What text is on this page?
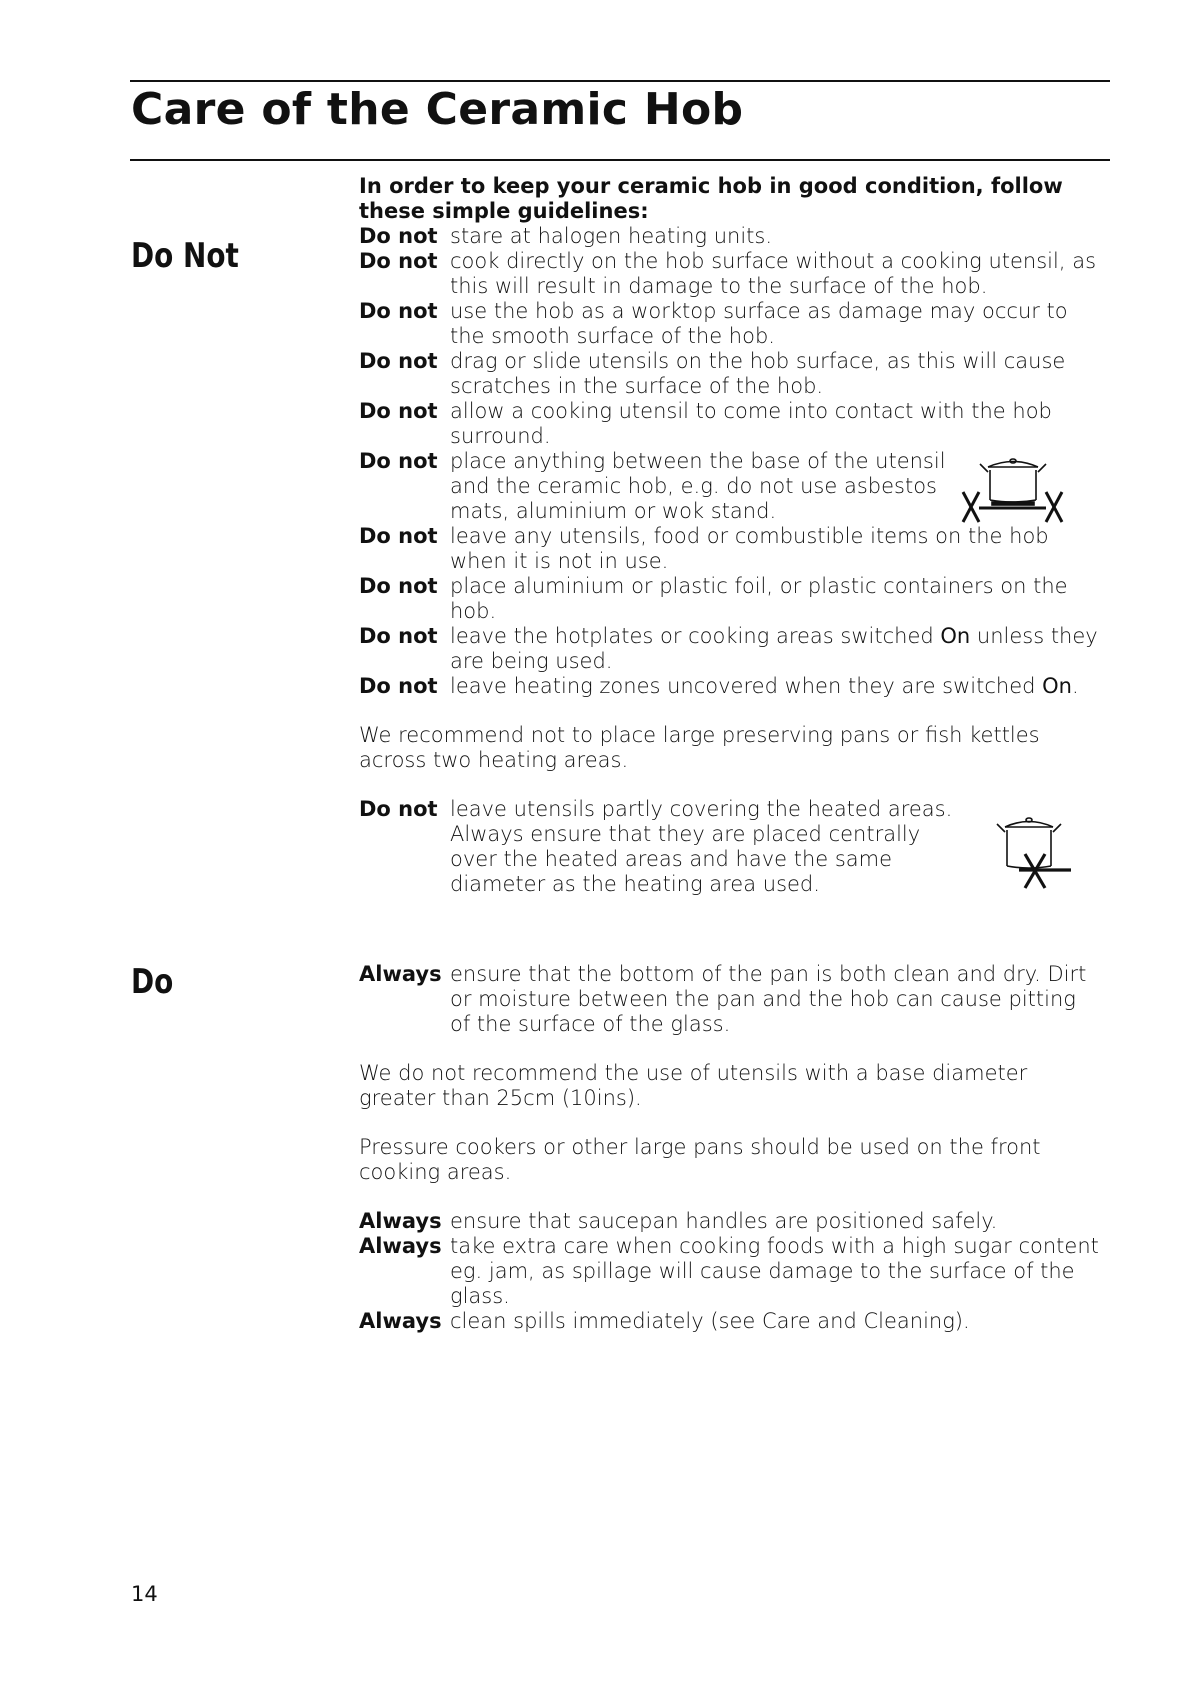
Care of the Ceramic Hob
Do Not
Do
In order to keep your ceramic hob in good condition, follow these simple guidelines:
Do not stare at halogen heating units.
Do not cook directly on the hob surface without a cooking utensil, as this will result in damage to the surface of the hob.
Do not use the hob as a worktop surface as damage may occur to the smooth surface of the hob.
Do not drag or slide utensils on the hob surface, as this will cause scratches in the surface of the hob.
Do not allow a cooking utensil to come into contact with the hob surround.
Do not place anything between the base of the utensil and the ceramic hob, e.g. do not use asbestos mats, aluminium or wok stand.
Do not leave any utensils, food or combustible items on the hob when it is not in use.
Do not place aluminium or plastic foil, or plastic containers on the hob.
Do not leave the hotplates or cooking areas switched On unless they are being used.
Do not leave heating zones uncovered when they are switched On.
We recommend not to place large preserving pans or fish kettles across two heating areas.
Do not leave utensils partly covering the heated areas. Always ensure that they are placed centrally over the heated areas and have the same diameter as the heating area used.
Always ensure that the bottom of the pan is both clean and dry. Dirt or moisture between the pan and the hob can cause pitting of the surface of the glass.
We do not recommend the use of utensils with a base diameter greater than 25cm (10ins).
Pressure cookers or other large pans should be used on the front cooking areas.
Always ensure that saucepan handles are positioned safely.
Always take extra care when cooking foods with a high sugar content eg. jam, as spillage will cause damage to the surface of the glass.
Always clean spills immediately (see Care and Cleaning).
14
